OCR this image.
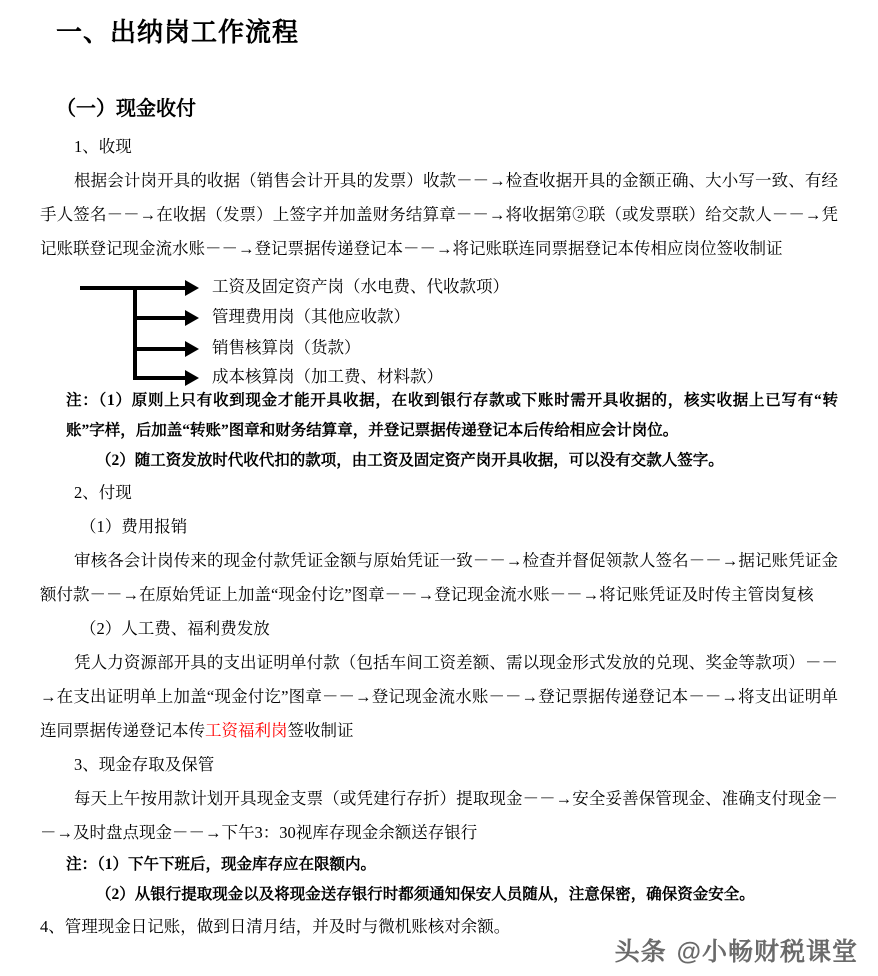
一、出纳岗工作流程
（一）现金收付

1、收现

根据会计岗开具的收据（销售会计开具的发票）收款－－→检查收据开具的金额正确、大小写一致、有经手人签名－－→在收据（发票）上签字并加盖财务结算章－－→将收据第②联（或发票联）给交款人－－→凭记账联登记现金流水账－－→登记票据传递登记本－－→将记账联连同票据登记本传相应岗位签收制证

工资及固定资产岗（水电费、代收款项）
管理费用岗（其他应收款）
销售核算岗（货款）
成本核算岗（加工费、材料款）

注：（1）原则上只有收到现金才能开具收据，在收到银行存款或下账时需开具收据的，核实收据上已写有“转账”字样，后加盖“转账”图章和财务结算章，并登记票据传递登记本后传给相应会计岗位。

（2）随工资发放时代收代扣的款项，由工资及固定资产岗开具收据，可以没有交款人签字。

2、付现

（1）费用报销

审核各会计岗传来的现金付款凭证金额与原始凭证一致－－→检查并督促领款人签名－－→据记账凭证金额付款－－→在原始凭证上加盖“现金付讫”图章－－→登记现金流水账－－→将记账凭证及时传主管岗复核

（2）人工费、福利费发放

凭人力资源部开具的支出证明单付款（包括车间工资差额、需以现金形式发放的兑现、奖金等款项）－－→在支出证明单上加盖“现金付讫”图章－－→登记现金流水账－－→登记票据传递登记本－－→将支出证明单连同票据传递登记本传工资福利岗签收制证

3、现金存取及保管

每天上午按用款计划开具现金支票（或凭建行存折）提取现金－－→安全妥善保管现金、准确支付现金－－→及时盘点现金－－→下午3：30视库存现金余额送存银行

注：（1）下午下班后，现金库存应在限额内。

（2）从银行提取现金以及将现金送存银行时都须通知保安人员随从，注意保密，确保资金安全。

4、管理现金日记账，做到日清月结，并及时与微机账核对余额。

头条 @小畅财税课堂
